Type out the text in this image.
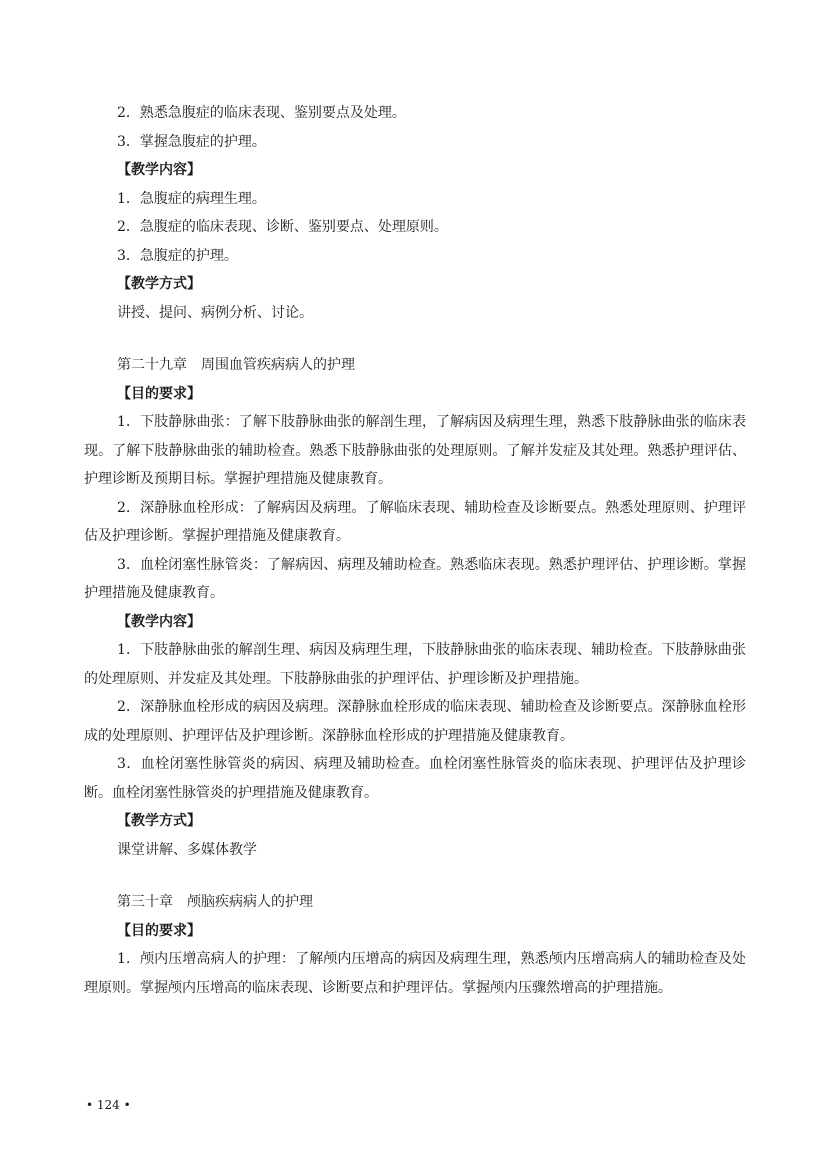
2．熟悉急腹症的临床表现、鉴别要点及处理。
3．掌握急腹症的护理。
【教学内容】
1．急腹症的病理生理。
2．急腹症的临床表现、诊断、鉴别要点、处理原则。
3．急腹症的护理。
【教学方式】
讲授、提问、病例分析、讨论。
第二十九章　周围血管疾病病人的护理
【目的要求】

1．下肢静脉曲张：了解下肢静脉曲张的解剖生理，了解病因及病理生理，熟悉下肢静脉曲张的临床表现。了解下肢静脉曲张的辅助检查。熟悉下肢静脉曲张的处理原则。了解并发症及其处理。熟悉护理评估、护理诊断及预期目标。掌握护理措施及健康教育。

2．深静脉血栓形成：了解病因及病理。了解临床表现、辅助检查及诊断要点。熟悉处理原则、护理评估及护理诊断。掌握护理措施及健康教育。

3．血栓闭塞性脉管炎：了解病因、病理及辅助检查。熟悉临床表现。熟悉护理评估、护理诊断。掌握护理措施及健康教育。

【教学内容】

1．下肢静脉曲张的解剖生理、病因及病理生理，下肢静脉曲张的临床表现、辅助检查。下肢静脉曲张的处理原则、并发症及其处理。下肢静脉曲张的护理评估、护理诊断及护理措施。

2．深静脉血栓形成的病因及病理。深静脉血栓形成的临床表现、辅助检查及诊断要点。深静脉血栓形成的处理原则、护理评估及护理诊断。深静脉血栓形成的护理措施及健康教育。

3．血栓闭塞性脉管炎的病因、病理及辅助检查。血栓闭塞性脉管炎的临床表现、护理评估及护理诊断。血栓闭塞性脉管炎的护理措施及健康教育。

【教学方式】
课堂讲解、多媒体教学
第三十章　颅脑疾病病人的护理
【目的要求】

1．颅内压增高病人的护理：了解颅内压增高的病因及病理生理，熟悉颅内压增高病人的辅助检查及处理原则。掌握颅内压增高的临床表现、诊断要点和护理评估。掌握颅内压骤然增高的护理措施。

• 124 •
